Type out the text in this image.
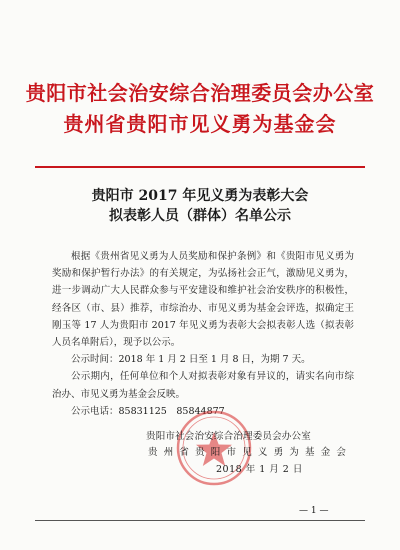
贵阳市社会治安综合治理委员会办公室
贵州省贵阳市见义勇为基金会
贵阳市 2017 年见义勇为表彰大会
拟表彰人员（群体）名单公示

根据《贵州省见义勇为人员奖励和保护条例》和《贵阳市见义勇为奖励和保护暂行办法》的有关规定，为弘扬社会正气，激励见义勇为，进一步调动广大人民群众参与平安建设和维护社会治安秩序的积极性，经各区（市、县）推荐，市综治办、市见义勇为基金会评选，拟确定王刚玉等 17 人为贵阳市 2017 年见义勇为表彰大会拟表彰人选（拟表彰人员名单附后），现予以公示。

公示时间：2018 年 1 月 2 日至 1 月 8 日，为期 7 天。

公示期内，任何单位和个人对拟表彰对象有异议的，请实名向市综治办、市见义勇为基金会反映。

公示电话：85831125　85844877

贵阳市社会治安综合治理委员会办公室
贵州省贵阳市见义勇为基金会
2018 年 1 月 2 日
— 1 —
